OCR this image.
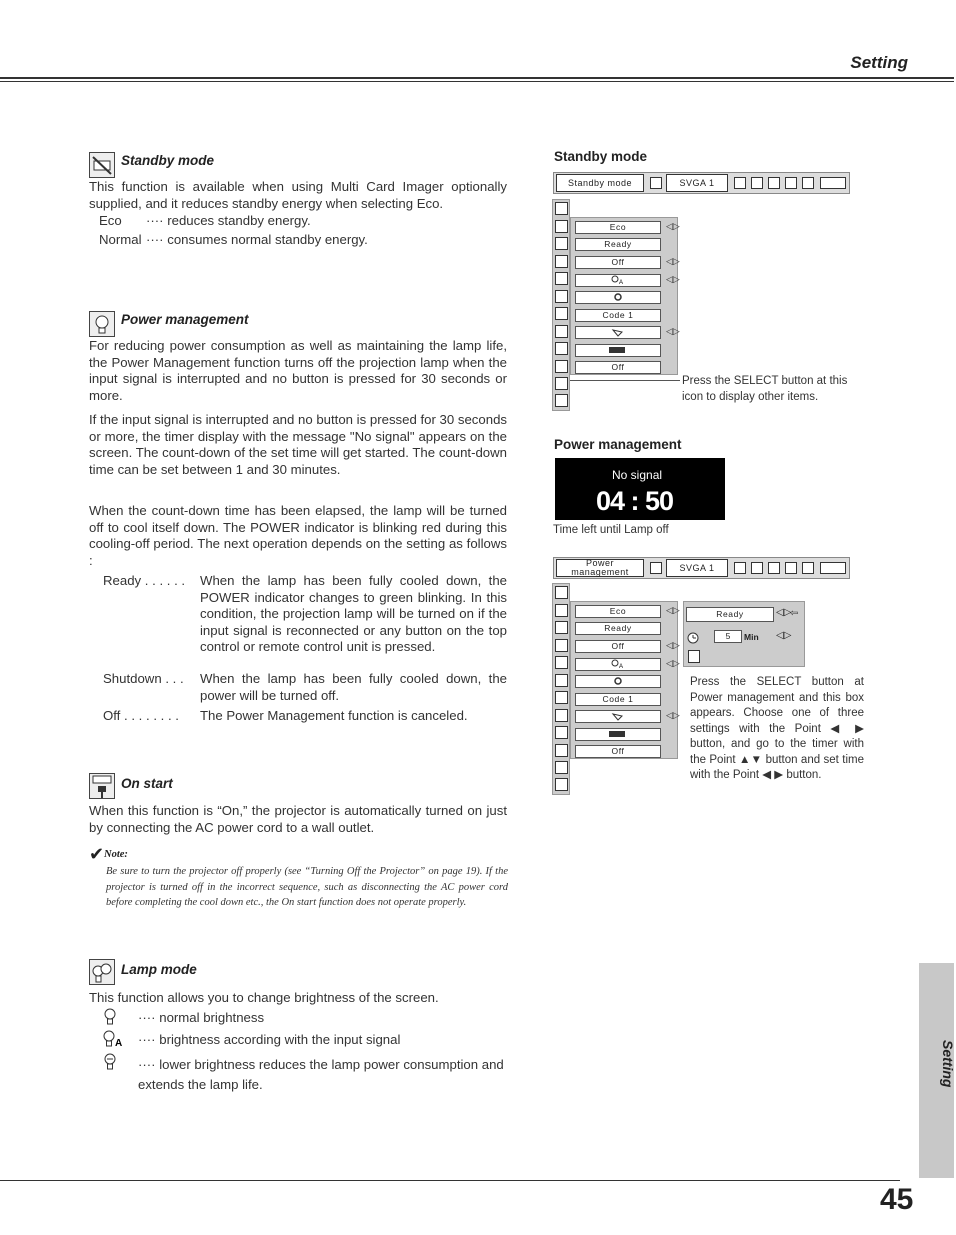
Setting
Setting
45
Standby mode
This function is available when using Multi Card Imager optionally supplied, and it reduces standby energy when selecting Eco.
Eco ···· reduces standby energy.
Normal ···· consumes normal standby energy.
Power management
For reducing power consumption as well as maintaining the lamp life, the Power Management function turns off the projection lamp when the input signal is interrupted and no button is pressed for 30 seconds or more.
If the input signal is interrupted and no button is pressed for 30 seconds or more, the timer display with the message "No signal" appears on the screen. The count-down of the set time will get started. The count-down time can be set between 1 and 30 minutes.
When the count-down time has been elapsed, the lamp will be turned off to cool itself down. The POWER indicator is blinking red during this cooling-off period. The next operation depends on the setting as follows :
Ready . . . . . . When the lamp has been fully cooled down, the POWER indicator changes to green blinking. In this condition, the projection lamp will be turned on if the input signal is reconnected or any button on the top control or remote control unit is pressed.
Shutdown . . . When the lamp has been fully cooled down, the power will be turned off.
Off . . . . . . . . The Power Management function is canceled.
On start
When this function is “On,” the projector is automatically turned on just by connecting the AC power cord to a wall outlet.
✔ Note:
Be sure to turn the projector off properly (see “Turning Off the Projector” on page 19). If the projector is turned off in the incorrect sequence, such as disconnecting the AC power cord before completing the cool down etc., the On start function does not operate properly.
Lamp mode
This function allows you to change brightness of the screen.
···· normal brightness
A ···· brightness according with the input signal
···· lower brightness reduces the lamp power consumption and extends the lamp life.
Standby mode
Standby mode	SVGA 1
Eco	◁▷
Ready
Off	◁▷
A	◁▷
Code 1
◁▷
Off
Press the SELECT button at this icon to display other items.
Power management
No signal
04 : 50
Time left until Lamp off
Power management	SVGA 1
Eco	◁▷
Ready
Off	◁▷
A	◁▷
Code 1
◁▷
Off
Ready	◁▷
⇦
5	Min ◁▷
Press the SELECT button at Power management and this box appears. Choose one of three settings with the Point ◀ ▶ button, and go to the timer with the Point ▲▼ button and set time with the Point ◀ ▶ button.
